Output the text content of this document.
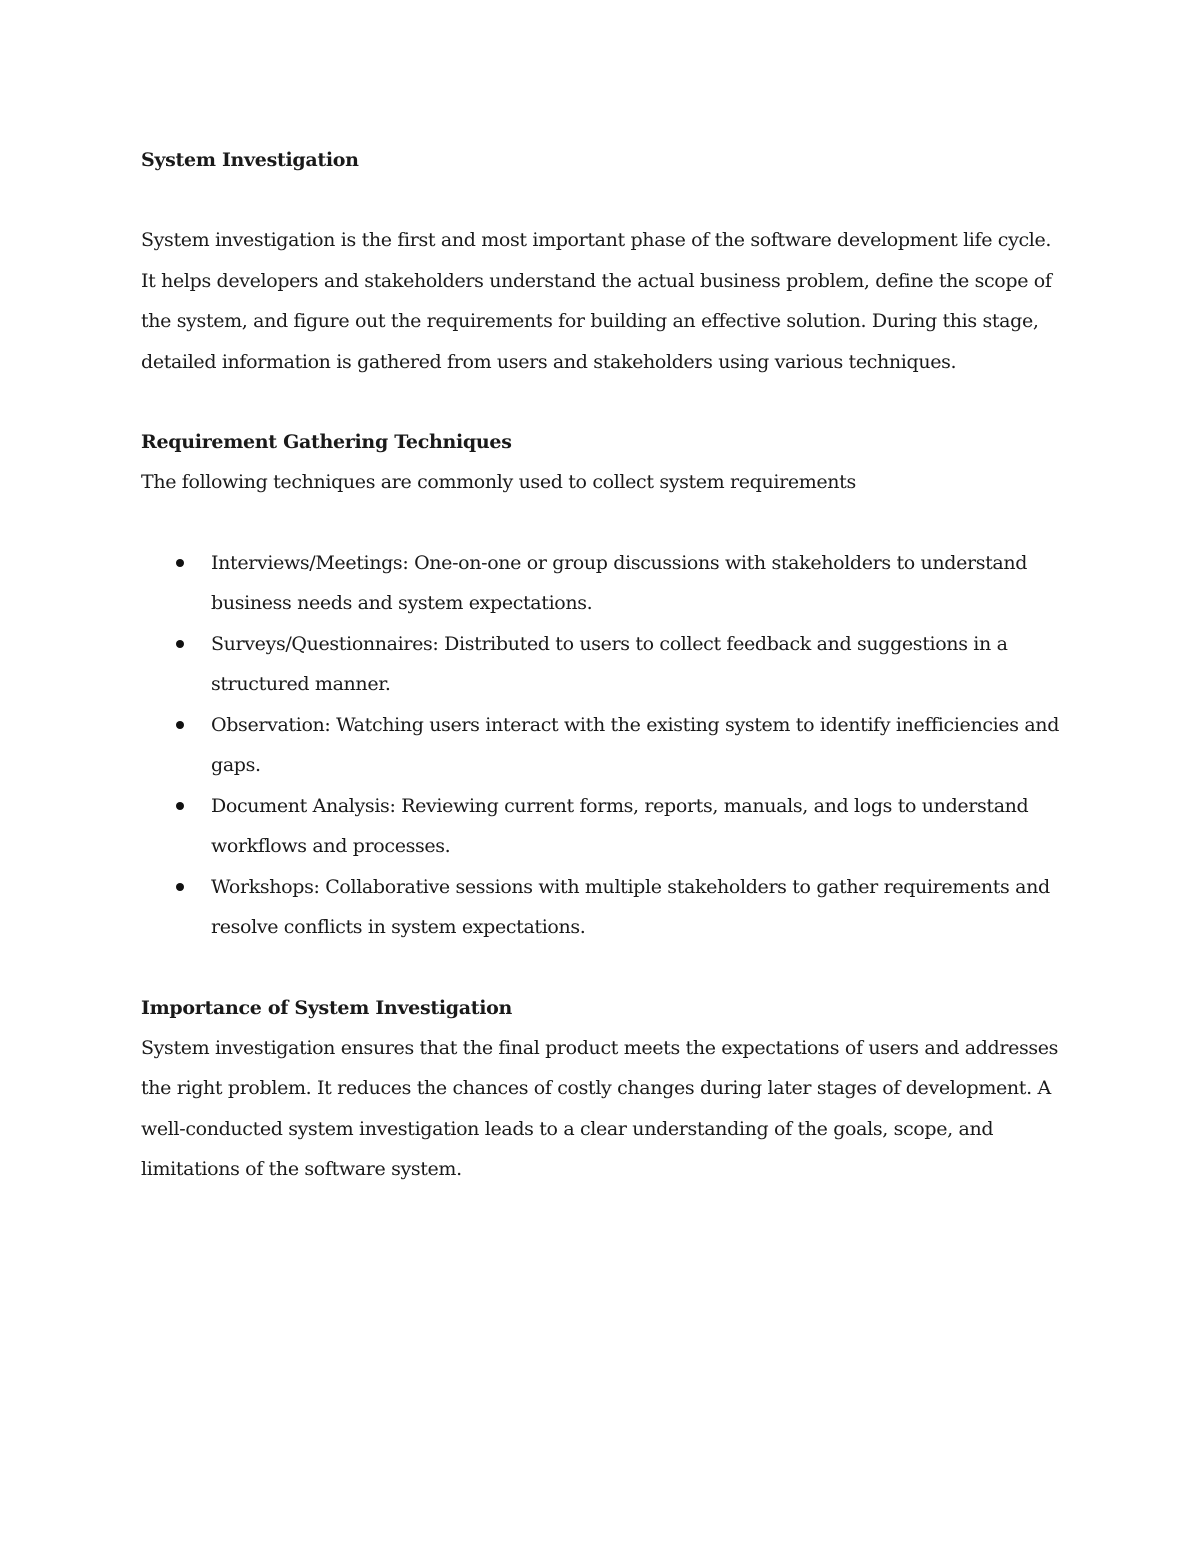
System Investigation

System investigation is the first and most important phase of the software development life cycle. It helps developers and stakeholders understand the actual business problem, define the scope of the system, and figure out the requirements for building an effective solution. During this stage, detailed information is gathered from users and stakeholders using various techniques.

Requirement Gathering Techniques

The following techniques are commonly used to collect system requirements

Interviews/Meetings: One-on-one or group discussions with stakeholders to understand business needs and system expectations.
Surveys/Questionnaires: Distributed to users to collect feedback and suggestions in a structured manner.
Observation: Watching users interact with the existing system to identify inefficiencies and gaps.
Document Analysis: Reviewing current forms, reports, manuals, and logs to understand workflows and processes.
Workshops: Collaborative sessions with multiple stakeholders to gather requirements and resolve conflicts in system expectations.

Importance of System Investigation

System investigation ensures that the final product meets the expectations of users and addresses the right problem. It reduces the chances of costly changes during later stages of development. A well-conducted system investigation leads to a clear understanding of the goals, scope, and limitations of the software system.
